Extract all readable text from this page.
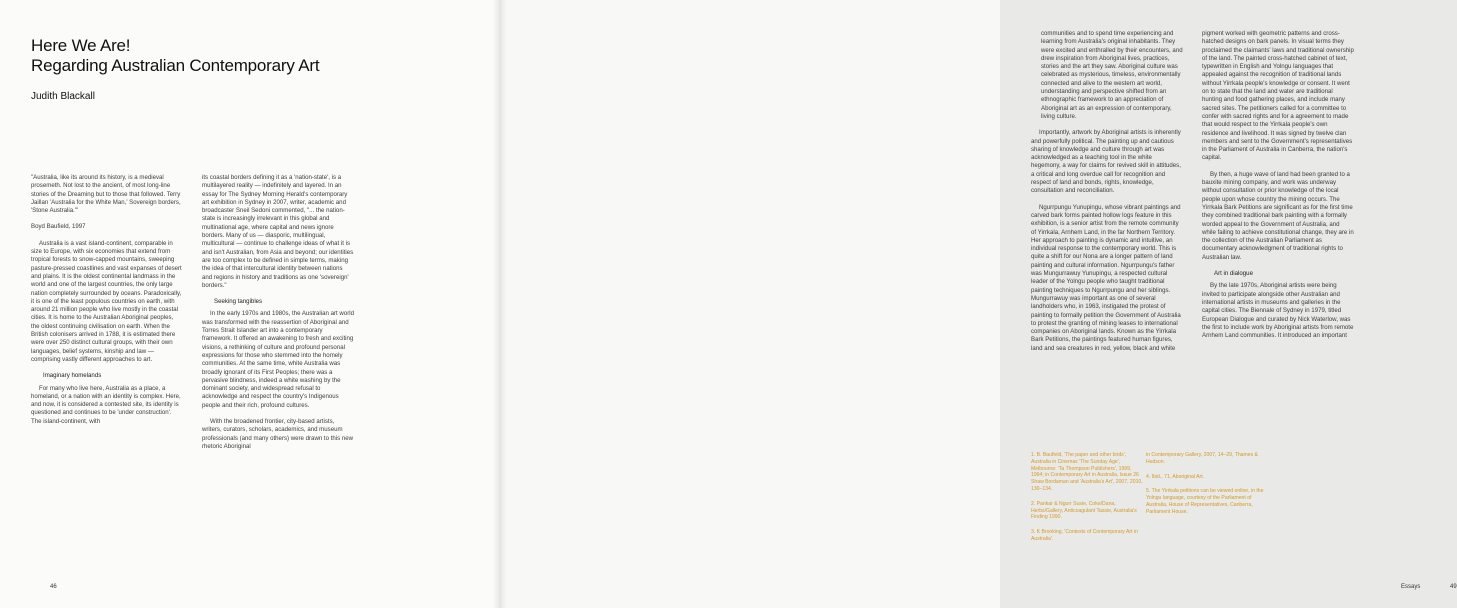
Here We Are!
Regarding Australian Contemporary Art
Judith Blackall

"Australia, like its around its history, is a medieval prosemeth. Not lost to the ancient, of most long-line stories of the Dreaming but to those that followed. Terry Jaillan 'Australia for the White Man,' Sovereign borders, 'Stone Australia.'"

Boyd Baufield, 1997

Australia is a vast island-continent, comparable in size to Europe, with six economies that extend from tropical forests to snow-capped mountains, sweeping pasture-pressed coastlines and vast expanses of desert and plains. It is the oldest continental landmass in the world and one of the largest countries, the only large nation completely surrounded by oceans. Paradoxically, it is one of the least populous countries on earth, with around 21 million people who live mostly in the coastal cities. It is home to the Australian Aboriginal peoples, the oldest continuing civilisation on earth. When the British colonisers arrived in 1788, it is estimated there were over 250 distinct cultural groups, with their own languages, belief systems, kinship and law — comprising vastly different approaches to art.

Imaginary homelands

For many who live here, Australia as a place, a homeland, or a nation with an identity is complex. Here, and now, it is considered a contested site, its identity is questioned and continues to be 'under construction'. The island-continent, with

its coastal borders defining it as a 'nation-state', is a multilayered reality — indefinitely and layered. In an essay for The Sydney Morning Herald's contemporary art exhibition in Sydney in 2007, writer, academic and broadcaster Sneil Sedoni commented, "... the nation-state is increasingly irrelevant in this global and multinational age, where capital and news ignore borders. Many of us — diasporic, multilingual, multicultural — continue to challenge ideas of what it is and isn't Australian, from Asia and beyond; our identities are too complex to be defined in simple terms, making the idea of that intercultural identity between nations and regions in history and traditions as one 'sovereign' borders."

Seeking tangibles

In the early 1970s and 1980s, the Australian art world was transformed with the reassertion of Aboriginal and Torres Strait Islander art into a contemporary framework. It offered an awakening to fresh and exciting visions, a rethinking of culture and profound personal expressions for those who stemmed into the homely communities. At the same time, white Australia was broadly ignorant of its First Peoples; there was a pervasive blindness, indeed a white washing by the dominant society, and widespread refusal to acknowledge and respect the country's Indigenous people and their rich, profound cultures.

With the broadened frontier, city-based artists, writers, curators, scholars, academics, and museum professionals (and many others) were drawn to this new rhetoric Aboriginal

46

communities and to spend time experiencing and learning from Australia's original inhabitants. They were excited and enthralled by their encounters, and drew inspiration from Aboriginal lives, practices, stories and the art they saw. Aboriginal culture was celebrated as mysterious, timeless, environmentally connected and alive to the western art world, understanding and perspective shifted from an ethnographic framework to an appreciation of Aboriginal art as an expression of contemporary, living culture.

Importantly, artwork by Aboriginal artists is inherently and powerfully political. The painting up and cautious sharing of knowledge and culture through art was acknowledged as a teaching tool in the white hegemony, a way for claims for revived skill in attitudes, a critical and long overdue call for recognition and respect of land and bonds, rights, knowledge, consultation and reconciliation.

Ngurrpungu Yunupingu, whose vibrant paintings and carved bark forms painted hollow logs feature in this exhibition, is a senior artist from the remote community of Yirrkala, Arnhem Land, in the far Northern Territory. Her approach to painting is dynamic and intuitive, an individual response to the contemporary world. This is quite a shift for our Nona are a longer pattern of land painting and cultural information. Ngurrpungu's father was Mungurrawuy Yunupingu, a respected cultural leader of the Yolngu people who taught traditional painting techniques to Ngurrpungu and her siblings. Mungurrawuy was important as one of several landholders who, in 1963, instigated the protest of painting to formally petition the Government of Australia to protest the granting of mining leases to international companies on Aboriginal lands. Known as the Yirrkala Bark Petitions, the paintings featured human figures, land and sea creatures in red, yellow, black and white

pigment worked with geometric patterns and cross-hatched designs on bark panels. In visual terms they proclaimed the claimants' laws and traditional ownership of the land. The painted cross-hatched cabinet of text, typewritten in English and Yolngu languages that appealed against the recognition of traditional lands without Yirrkala people's knowledge or consent. It went on to state that the land and water are traditional hunting and food gathering places, and include many sacred sites. The petitioners called for a committee to confer with sacred rights and for a agreement to made that would respect to the Yirrkala people's own residence and livelihood. It was signed by twelve clan members and sent to the Government's representatives in the Parliament of Australia in Canberra, the nation's capital.

By then, a huge wave of land had been granted to a bauxite mining company, and work was underway without consultation or prior knowledge of the local people upon whose country the mining occurs. The Yirrkala Bark Petitions are significant as for the first time they combined traditional bark painting with a formally worded appeal to the Government of Australia, and while failing to achieve constitutional change, they are in the collection of the Australian Parliament as documentary acknowledgment of traditional rights to Australian law.

Art in dialogue

By the late 1970s, Aboriginal artists were being invited to participate alongside other Australian and international artists in museums and galleries in the capital cities. The Biennale of Sydney in 1979, titled European Dialogue and curated by Nick Waterlow, was the first to include work by Aboriginal artists from remote Arnhem Land communities. It introduced an important

1. B. Baufield, 'The paper and other birds', Australia in Cinemas 'The Sunday Age', Melbourne: 'Ta Thompson Publishers', 1999, 1994; in Contemporary Art in Australia, Issue 26 Shaw Bordaman and 'Australia's Art', 2007, 2010, 130–134.

2. Pankar & Ngurr Susie, Coke/Dana, Herbs/Gallery, Anticoagulant Tassie, Australia's Finding 1990.

3. K Brooking, 'Contexts of Contemporary Art in Australia'.

in Contemporary Gallery, 2007, 14–29, Thames & Hudson.

4. Ibid., 71, Aboriginal Art.

5. The Yirrkala petitions can be viewed online, in the Yolngu language, courtesy of the Parliament of Australia, House of Representatives, Canberra, Parliament House.

Essays	49
